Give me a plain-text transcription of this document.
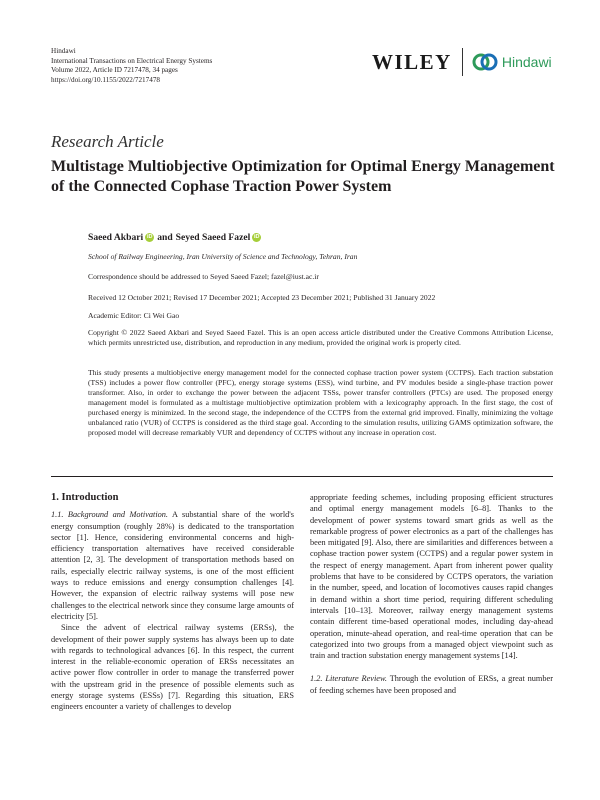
Hindawi
International Transactions on Electrical Energy Systems
Volume 2022, Article ID 7217478, 34 pages
https://doi.org/10.1155/2022/7217478
WILEY	Hindawi
Research Article
Multistage Multiobjective Optimization for Optimal Energy Management of the Connected Cophase Traction Power System
Saeed Akbari iD and Seyed Saeed Fazel iD
School of Railway Engineering, Iran University of Science and Technology, Tehran, Iran
Correspondence should be addressed to Seyed Saeed Fazel; fazel@iust.ac.ir
Received 12 October 2021; Revised 17 December 2021; Accepted 23 December 2021; Published 31 January 2022
Academic Editor: Ci Wei Gao

Copyright © 2022 Saeed Akbari and Seyed Saeed Fazel. This is an open access article distributed under the Creative Commons Attribution License, which permits unrestricted use, distribution, and reproduction in any medium, provided the original work is properly cited.

This study presents a multiobjective energy management model for the connected cophase traction power system (CCTPS). Each traction substation (TSS) includes a power flow controller (PFC), energy storage systems (ESS), wind turbine, and PV modules beside a single-phase traction power transformer. Also, in order to exchange the power between the adjacent TSSs, power transfer controllers (PTCs) are used. The proposed energy management model is formulated as a multistage multiobjective optimization problem with a lexicography approach. In the first stage, the cost of purchased energy is minimized. In the second stage, the independence of the CCTPS from the external grid improved. Finally, minimizing the voltage unbalanced ratio (VUR) of CCTPS is considered as the third stage goal. According to the simulation results, utilizing GAMS optimization software, the proposed model will decrease remarkably VUR and dependency of CCTPS without any increase in operation cost.

1. Introduction

1.1. Background and Motivation. A substantial share of the world's energy consumption (roughly 28%) is dedicated to the transportation sector [1]. Hence, considering environmental concerns and high-efficiency transportation alternatives have received considerable attention [2, 3]. The development of transportation methods based on rails, especially electric railway systems, is one of the most efficient ways to reduce emissions and energy consumption challenges [4]. However, the expansion of electric railway systems will pose new challenges to the electrical network since they consume large amounts of electricity [5].

Since the advent of electrical railway systems (ERSs), the development of their power supply systems has always been up to date with regards to technological advances [6]. In this respect, the current interest in the reliable-economic operation of ERSs necessitates an active power flow controller in order to manage the transferred power with the upstream grid in the presence of possible elements such as energy storage systems (ESSs) [7]. Regarding this situation, ERS engineers encounter a variety of challenges to develop

appropriate feeding schemes, including proposing efficient structures and optimal energy management models [6–8]. Thanks to the development of power systems toward smart grids as well as the remarkable progress of power electronics as a part of the challenges has been mitigated [9]. Also, there are similarities and differences between a cophase traction power system (CCTPS) and a regular power system in the respect of energy management. Apart from inherent power quality problems that have to be considered by CCTPS operators, the variation in the number, speed, and location of locomotives causes rapid changes in demand within a short time period, requiring different scheduling intervals [10–13]. Moreover, railway energy management systems contain different time-based operational modes, including day-ahead operation, minute-ahead operation, and real-time operation that can be categorized into two groups from a managed object viewpoint such as train and traction substation energy management systems [14].

1.2. Literature Review. Through the evolution of ERSs, a great number of feeding schemes have been proposed and
